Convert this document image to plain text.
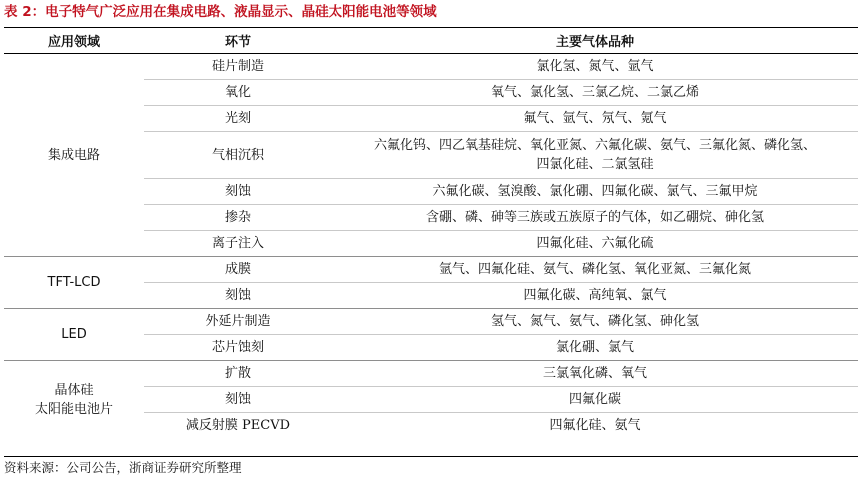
表 2：电子特气广泛应用在集成电路、液晶显示、晶硅太阳能电池等领域
应用领域	环节	主要气体品种

集成电路	硅片制造	氯化氢、氮气、氩气

	氧化	氧气、氯化氢、三氯乙烷、二氯乙烯

	光刻	氟气、氩气、氖气、氪气

	气相沉积	六氟化钨、四乙氧基硅烷、氧化亚氮、六氟化碳、氨气、三氟化氮、磷化氢、
四氯化硅、二氯氢硅

	刻蚀	六氟化碳、氢溴酸、氯化硼、四氟化碳、氯气、三氟甲烷

	掺杂	含硼、磷、砷等三族或五族原子的气体，如乙硼烷、砷化氢

	离子注入	四氟化硅、六氟化硫

TFT-LCD	成膜	氩气、四氟化硅、氨气、磷化氢、氧化亚氮、三氟化氮

	刻蚀	四氟化碳、高纯氧、氯气

LED	外延片制造	氢气、氮气、氨气、磷化氢、砷化氢

	芯片蚀刻	氯化硼、氯气

晶体硅
太阳能电池片	扩散	三氯氧化磷、氧气

	刻蚀	四氟化碳

	减反射膜 PECVD	四氟化硅、氨气
资料来源：公司公告，浙商证券研究所整理
